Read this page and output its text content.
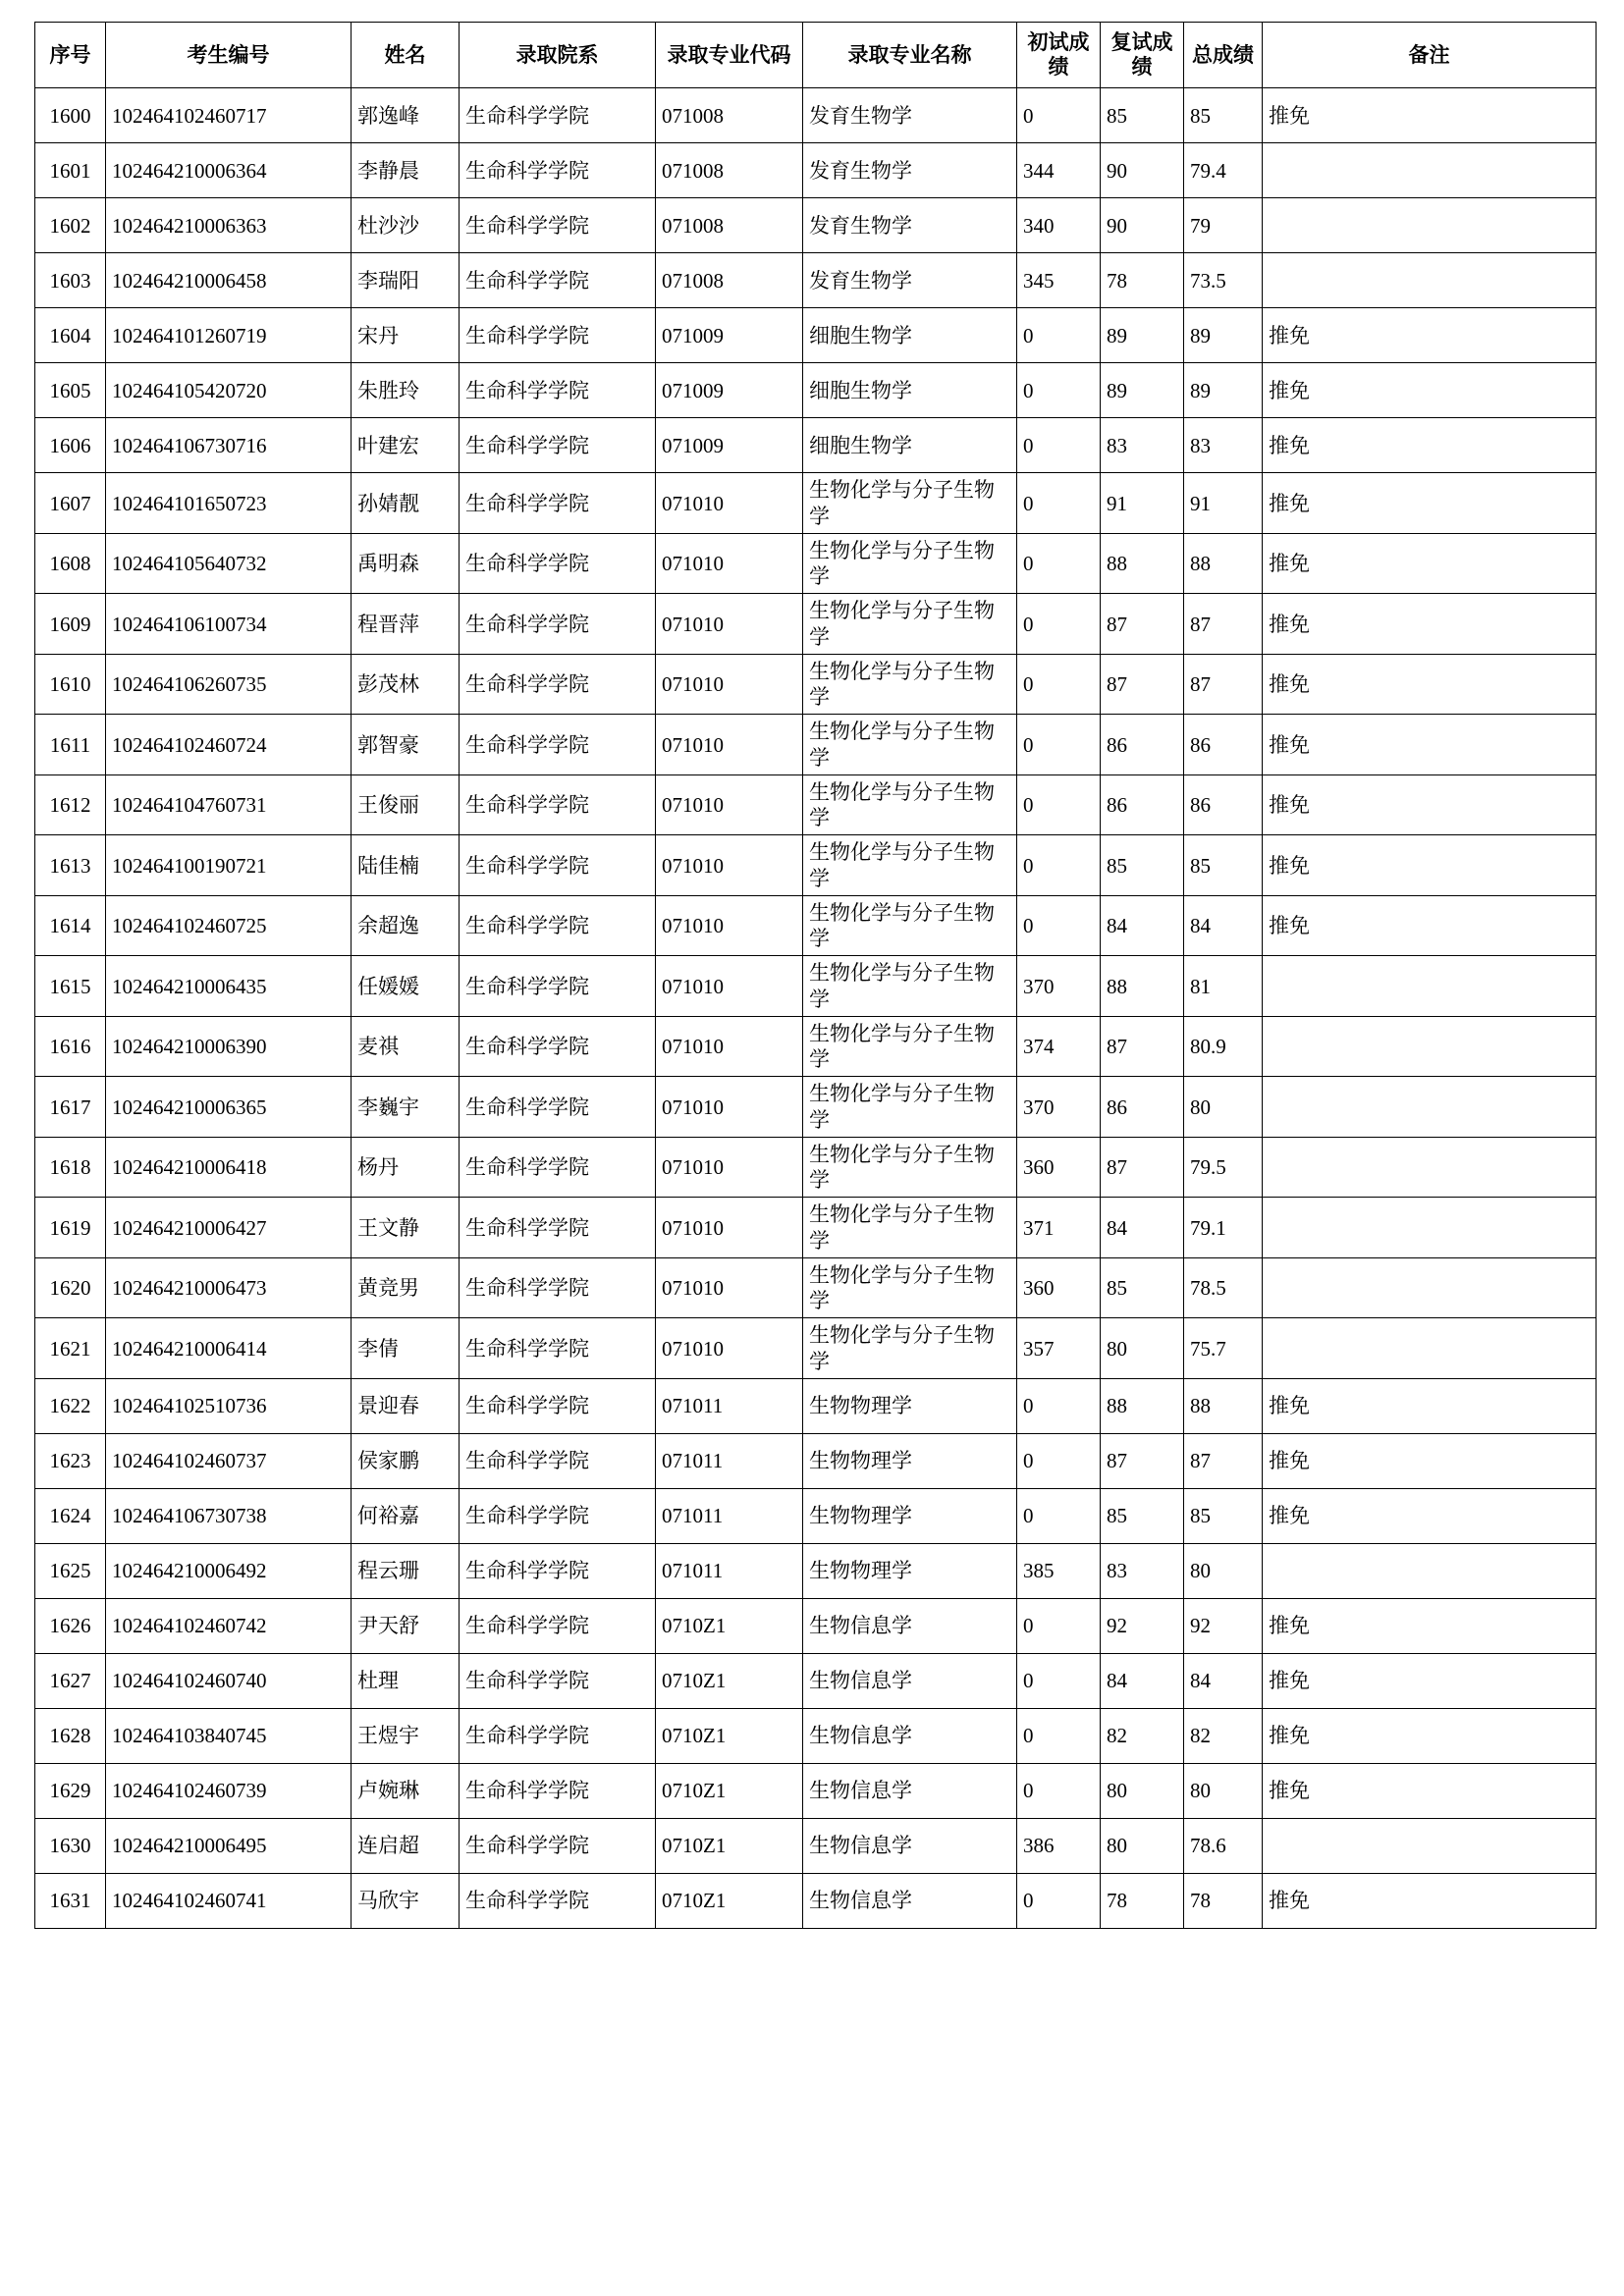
序号	考生编号	姓名	录取院系	录取专业代码	录取专业名称	初试成绩	复试成绩	总成绩	备注
1600	102464102460717	郭逸峰	生命科学学院	071008	发育生物学	0	85	85	推免
1601	102464210006364	李静晨	生命科学学院	071008	发育生物学	344	90	79.4	
1602	102464210006363	杜沙沙	生命科学学院	071008	发育生物学	340	90	79	
1603	102464210006458	李瑞阳	生命科学学院	071008	发育生物学	345	78	73.5	
1604	102464101260719	宋丹	生命科学学院	071009	细胞生物学	0	89	89	推免
1605	102464105420720	朱胜玲	生命科学学院	071009	细胞生物学	0	89	89	推免
1606	102464106730716	叶建宏	生命科学学院	071009	细胞生物学	0	83	83	推免
1607	102464101650723	孙婧靓	生命科学学院	071010	生物化学与分子生物学	0	91	91	推免
1608	102464105640732	禹明森	生命科学学院	071010	生物化学与分子生物学	0	88	88	推免
1609	102464106100734	程晋萍	生命科学学院	071010	生物化学与分子生物学	0	87	87	推免
1610	102464106260735	彭茂林	生命科学学院	071010	生物化学与分子生物学	0	87	87	推免
1611	102464102460724	郭智豪	生命科学学院	071010	生物化学与分子生物学	0	86	86	推免
1612	102464104760731	王俊丽	生命科学学院	071010	生物化学与分子生物学	0	86	86	推免
1613	102464100190721	陆佳楠	生命科学学院	071010	生物化学与分子生物学	0	85	85	推免
1614	102464102460725	余超逸	生命科学学院	071010	生物化学与分子生物学	0	84	84	推免
1615	102464210006435	任媛媛	生命科学学院	071010	生物化学与分子生物学	370	88	81	
1616	102464210006390	麦祺	生命科学学院	071010	生物化学与分子生物学	374	87	80.9	
1617	102464210006365	李巍宇	生命科学学院	071010	生物化学与分子生物学	370	86	80	
1618	102464210006418	杨丹	生命科学学院	071010	生物化学与分子生物学	360	87	79.5	
1619	102464210006427	王文静	生命科学学院	071010	生物化学与分子生物学	371	84	79.1	
1620	102464210006473	黄竞男	生命科学学院	071010	生物化学与分子生物学	360	85	78.5	
1621	102464210006414	李倩	生命科学学院	071010	生物化学与分子生物学	357	80	75.7	
1622	102464102510736	景迎春	生命科学学院	071011	生物物理学	0	88	88	推免
1623	102464102460737	侯家鹏	生命科学学院	071011	生物物理学	0	87	87	推免
1624	102464106730738	何裕嘉	生命科学学院	071011	生物物理学	0	85	85	推免
1625	102464210006492	程云珊	生命科学学院	071011	生物物理学	385	83	80	
1626	102464102460742	尹天舒	生命科学学院	0710Z1	生物信息学	0	92	92	推免
1627	102464102460740	杜理	生命科学学院	0710Z1	生物信息学	0	84	84	推免
1628	102464103840745	王煜宇	生命科学学院	0710Z1	生物信息学	0	82	82	推免
1629	102464102460739	卢婉琳	生命科学学院	0710Z1	生物信息学	0	80	80	推免
1630	102464210006495	连启超	生命科学学院	0710Z1	生物信息学	386	80	78.6	
1631	102464102460741	马欣宇	生命科学学院	0710Z1	生物信息学	0	78	78	推免
